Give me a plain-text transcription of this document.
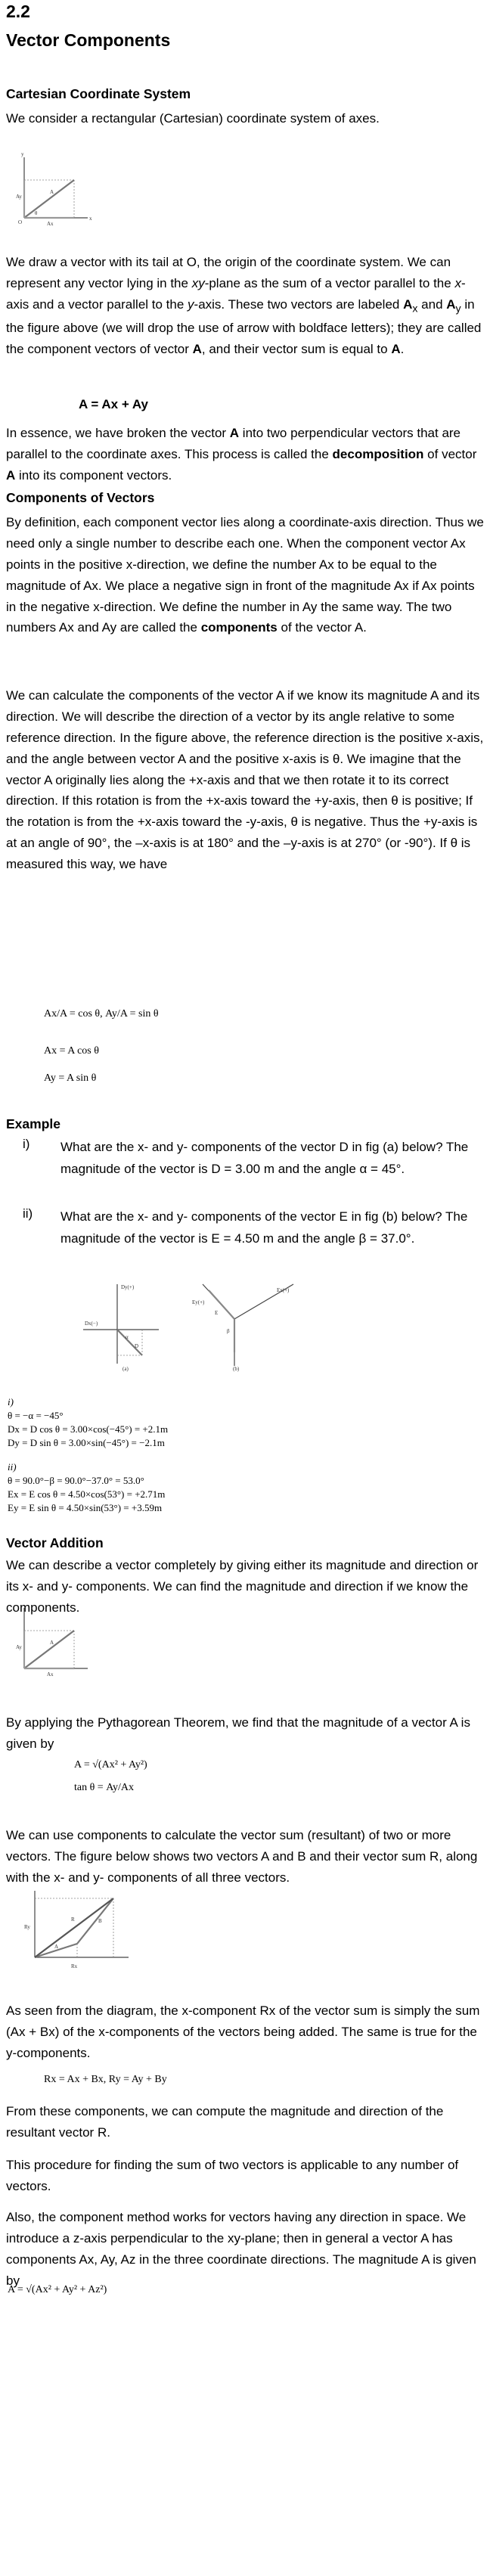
2.2
Vector Components
Cartesian Coordinate System
We consider a rectangular (Cartesian) coordinate system of axes.
x
y
A
Ax
Ay
θ
O

We draw a vector with its tail at O, the origin of the coordinate system. We can represent any vector lying in the xy-plane as the sum of a vector parallel to the x-axis and a vector parallel to the y-axis. These two vectors are labeled $A_x$ and $A_y$ in the figure above (we will drop the use of arrow with boldface letters); they are called the component vectors of vector A, and their vector sum is equal to A.

A = Ax + Ay

In essence, we have broken the vector A into two perpendicular vectors that are parallel to the coordinate axes. This process is called the decomposition of vector A into its component vectors.

Components of Vectors

By definition, each component vector lies along a coordinate-axis direction. Thus we need only a single number to describe each one. When the component vector Ax points in the positive x-direction, we define the number Ax to be equal to the magnitude of Ax. We place a negative sign in front of the magnitude Ax if Ax points in the negative x-direction. We define the number in Ay the same way. The two numbers Ax and Ay are called the components of the vector A.

We can calculate the components of the vector A if we know its magnitude A and its direction. We will describe the direction of a vector by its angle relative to some reference direction. In the figure above, the reference direction is the positive x-axis, and the angle between vector A and the positive x-axis is θ. We imagine that the vector A originally lies along the +x-axis and that we then rotate it to its correct direction. If this rotation is from the +x-axis toward the +y-axis, then θ is positive; If the rotation is from the +x-axis toward the -y-axis, θ is negative. Thus the +y-axis is at an angle of 90°, the –x-axis is at 180° and the –y-axis is at 270° (or -90°). If θ is measured this way, we have

Ax/A = cos θ, Ay/A = sin θ
Ax = A cos θ
Ay = A sin θ
Example
i) What are the x- and y- components of the vector D in fig (a) below? The magnitude of the vector is D = 3.00 m and the angle α = 45°.
ii) What are the x- and y- components of the vector E in fig (b) below? The magnitude of the vector is E = 4.50 m and the angle β = 37.0°.
Dy(+)
Dx(−)
D
α
(a)
Ex(+)
Ey(+)
E
β
(b)
i)
θ = −α = −45°
Dx = D cos θ = 3.00×cos(−45°) = +2.1m
Dy = D sin θ = 3.00×sin(−45°) = −2.1m
ii)
θ = 90.0°−β = 90.0°−37.0° = 53.0°
Ex = E cos θ = 4.50×cos(53°) = +2.71m
Ey = E sin θ = 4.50×sin(53°) = +3.59m
Vector Addition

We can describe a vector completely by giving either its magnitude and direction or its x- and y- components. We can find the magnitude and direction if we know the components.

A
Ax
Ay

By applying the Pythagorean Theorem, we find that the magnitude of a vector A is given by

A = √(Ax² + Ay²)
tan θ = Ay/Ax

We can use components to calculate the vector sum (resultant) of two or more vectors. The figure below shows two vectors A and B and their vector sum R, along with the x- and y- components of all three vectors.

R	B
A
Ry
Rx

As seen from the diagram, the x-component Rx of the vector sum is simply the sum (Ax + Bx) of the x-components of the vectors being added. The same is true for the y-components.

Rx = Ax + Bx, Ry = Ay + By

From these components, we can compute the magnitude and direction of the resultant vector R.

This procedure for finding the sum of two vectors is applicable to any number of vectors.

Also, the component method works for vectors having any direction in space. We introduce a z-axis perpendicular to the xy-plane; then in general a vector A has components Ax, Ay, Az in the three coordinate directions. The magnitude A is given by

A = √(Ax² + Ay² + Az²)
